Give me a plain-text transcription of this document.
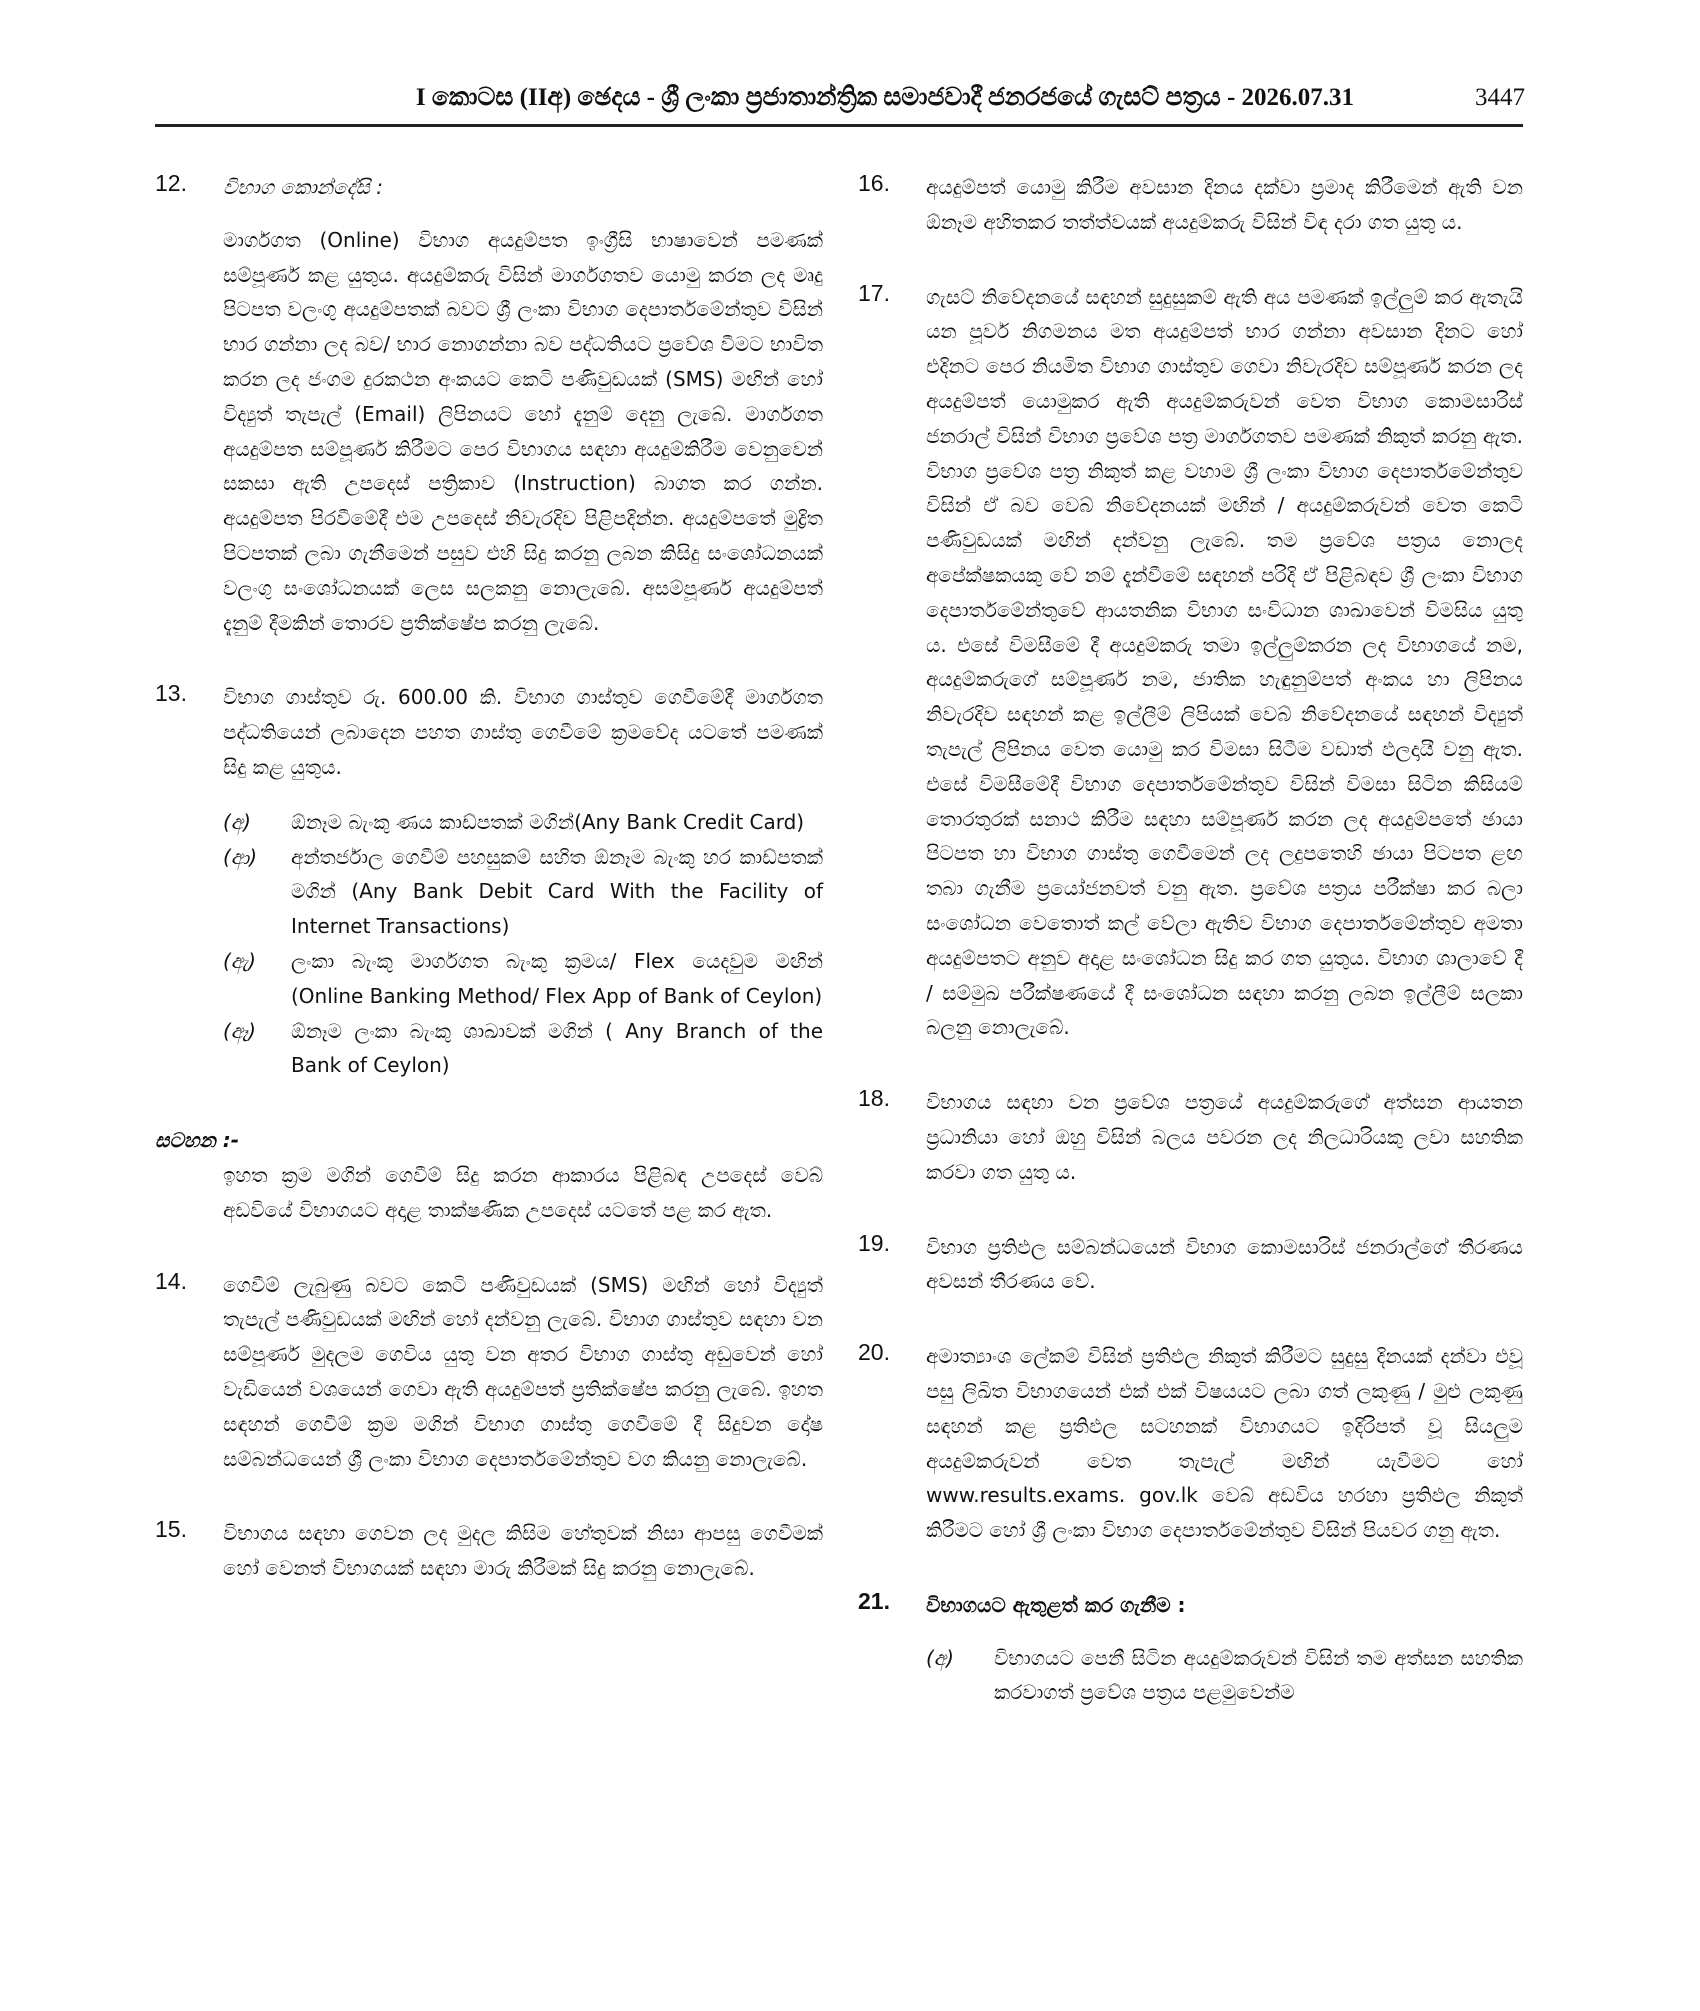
I කොටස (IIඅ) ඡෙදය - ශ්‍රී ලංකා ප්‍රජාතාන්ත්‍රික සමාජවාදී ජනරජයේ ගැසට් පත්‍රය - 2026.07.31	3447
12. විභාග කොන්දේසි :

මාර්ගගත (Online) විභාග අයදුම්පත ඉංග්‍රීසි භාෂාවෙන් පමණක් සම්පූර්ණ කළ යුතුය. අයදුම්කරු විසින් මාර්ගගතව යොමු කරන ලද මෘදු පිටපත වලංගු අයදුම්පතක් බවට ශ්‍රී ලංකා විභාග දෙපාර්තමේන්තුව විසින් භාර ගන්නා ලද බව/ භාර නොගන්නා බව පද්ධතියට ප්‍රවේශ වීමට භාවිත කරන ලද ජංගම දුරකථන අංකයට කෙටි පණිවුඩයක් (SMS) මඟින් හෝ විද්‍යුත් තැපැල් (Email) ලිපිනයට හෝ දැනුම් දෙනු ලැබේ. මාර්ගගත අයදුම්පත සම්පූර්ණ කිරීමට පෙර විභාගය සඳහා අයදුම්කිරීම වෙනුවෙන් සකසා ඇති උපදෙස් පත්‍රිකාව (Instruction) බාගත කර ගන්න. අයදුම්පත පිරවීමේදී එම උපදෙස් නිවැරදිව පිළිපදින්න. අයදුම්පතේ මුද්‍රිත පිටපතක් ලබා ගැනීමෙන් පසුව එහි සිදු කරනු ලබන කිසිදු සංශෝධනයක් වලංගු සංශෝධනයක් ලෙස සලකනු නොලැබේ. අසම්පූර්ණ අයදුම්පත් දැනුම් දීමකින් තොරව ප්‍රතික්ෂේප කරනු ලැබේ.

13. විභාග ගාස්තුව රු. 600.00 කි. විභාග ගාස්තුව ගෙවීමේදී මාර්ගගත පද්ධතියෙන් ලබාදෙන පහත ගාස්තු ගෙවීමේ ක්‍රමවේද යටතේ පමණක් සිදු කළ යුතුය.

(අ) ඕනෑම බැංකු ණය කාඩ්පතක් මගින්(Any Bank Credit Card)

(ආ) අන්තර්ජාල ගෙවීම් පහසුකම් සහිත ඕනෑම බැංකු හර කාඩ්පතක් මගින් (Any Bank Debit Card With the Facility of Internet Transactions)

(ඇ) ලංකා බැංකු මාර්ගගත බැංකු ක්‍රමය/ Flex යෙදවුම මඟින් (Online Banking Method/ Flex App of Bank of Ceylon)

(ඈ) ඕනෑම ලංකා බැංකු ශාඛාවක් මගින් ( Any Branch of the Bank of Ceylon)

සටහන :-

ඉහත ක්‍රම මගින් ගෙවීම් සිදු කරන ආකාරය පිළිබඳ උපදෙස් වෙබ් අඩවියේ විභාගයට අදාළ තාක්ෂණික උපදෙස් යටතේ පළ කර ඇත.

14. ගෙවීම් ලැබුණු බවට කෙටි පණිවුඩයක් (SMS) මඟින් හෝ විද්‍යුත් තැපැල් පණිවුඩයක් මඟින් හෝ දන්වනු ලැබේ. විභාග ගාස්තුව සඳහා වන සම්පූර්ණ මුදලම ගෙවිය යුතු වන අතර විභාග ගාස්තු අඩුවෙන් හෝ වැඩියෙන් වශයෙන් ගෙවා ඇති අයදුම්පත් ප්‍රතික්ෂේප කරනු ලැබේ. ඉහත සඳහන් ගෙවීම් ක්‍රම මගින් විභාග ගාස්තු ගෙවීමේ දී සිදුවන දෝෂ සම්බන්ධයෙන් ශ්‍රී ලංකා විභාග දෙපාර්තමේන්තුව වග කියනු නොලැබේ.

15. විභාගය සඳහා ගෙවන ලද මුදල කිසිම හේතුවක් නිසා ආපසු ගෙවීමක් හෝ වෙනත් විභාගයක් සඳහා මාරු කිරීමක් සිදු කරනු නොලැබේ.

16. අයදුම්පත් යොමු කිරීම අවසාන දිනය දක්වා ප්‍රමාද කිරීමෙන් ඇති වන ඕනෑම අහිතකර තත්ත්වයක් අයදුම්කරු විසින් විඳ දරා ගත යුතු ය.

17. ගැසට් නිවේදනයේ සඳහන් සුදුසුකම් ඇති අය පමණක් ඉල්ලුම් කර ඇතැයි යන පූර්ව නිගමනය මත අයදුම්පත් භාර ගන්නා අවසාන දිනට හෝ එදිනට පෙර නියමිත විභාග ගාස්තුව ගෙවා නිවැරදිව සම්පූර්ණ කරන ලද අයදුම්පත් යොමුකර ඇති අයදුම්කරුවන් වෙත විභාග කොමසාරිස් ජනරාල් විසින් විභාග ප්‍රවේශ පත්‍ර මාර්ගගතව පමණක් නිකුත් කරනු ඇත. විභාග ප්‍රවේශ පත්‍ර නිකුත් කළ වහාම ශ්‍රී ලංකා විභාග දෙපාර්තමේන්තුව විසින් ඒ බව වෙබ් නිවේදනයක් මඟින් / අයදුම්කරුවන් වෙත කෙටි පණිවුඩයක් මඟින් දන්වනු ලැබේ. තම ප්‍රවේශ පත්‍රය නොලද අපේක්ෂකයකු වේ නම් දැන්වීමේ සඳහන් පරිදි ඒ පිළිබඳව ශ්‍රී ලංකා විභාග දෙපාර්තමේන්තුවේ ආයතනික විභාග සංවිධාන ශාඛාවෙන් විමසිය යුතු ය. එසේ විමසීමේ දී අයදුම්කරු තමා ඉල්ලුම්කරන ලද විභාගයේ නම, අයදුම්කරුගේ සම්පූර්ණ නම, ජාතික හැඳුනුම්පත් අංකය හා ලිපිනය නිවැරදිව සඳහන් කළ ඉල්ලීම් ලිපියක් වෙබ් නිවේදනයේ සඳහන් විද්‍යුත් තැපැල් ලිපිනය වෙත යොමු කර විමසා සිටීම වඩාත් ඵලදායී වනු ඇත. එසේ විමසීමේදී විභාග දෙපාර්තමේන්තුව විසින් විමසා සිටින කිසියම් තොරතුරක් සනාථ කිරීම සඳහා සම්පූර්ණ කරන ලද අයදුම්පතේ ඡායා පිටපත හා විභාග ගාස්තු ගෙවීමෙන් ලද ලදුපතෙහි ඡායා පිටපත ළඟ තබා ගැනීම ප්‍රයෝජනවත් වනු ඇත. ප්‍රවේශ පත්‍රය පරීක්ෂා කර බලා සංශෝධන වෙතොත් කල් වේලා ඇතිව විභාග දෙපාර්තමේන්තුව අමතා අයදුම්පතට අනුව අදාළ සංශෝධන සිදු කර ගත යුතුය. විභාග ශාලාවේ දී / සම්මුඛ පරීක්ෂණයේ දී සංශෝධන සඳහා කරනු ලබන ඉල්ලීම් සලකා බලනු නොලැබේ.

18. විභාගය සඳහා වන ප්‍රවේශ පත්‍රයේ අයදුම්කරුගේ අත්සන ආයතන ප්‍රධානියා හෝ ඔහු විසින් බලය පවරන ලද නිලධාරියකු ලවා සහතික කරවා ගත යුතු ය.

19. විභාග ප්‍රතිඵල සම්බන්ධයෙන් විභාග කොමසාරිස් ජනරාල්ගේ තීරණය අවසන් තීරණය වේ.

20. අමාත්‍යාංශ ලේකම් විසින් ප්‍රතිඵල නිකුත් කිරීමට සුදුසු දිනයක් දන්වා එවූ පසු ලිඛිත විභාගයෙන් එක් එක් විෂයයට ලබා ගත් ලකුණු / මුළු ලකුණු සඳහන් කළ ප්‍රතිඵල සටහනක් විභාගයට ඉදිරිපත් වූ සියලුම අයදුම්කරුවන් වෙත තැපැල් මඟින් යැවීමට හෝ www.results.exams. gov.lk වෙබ් අඩවිය හරහා ප්‍රතිඵල නිකුත් කිරීමට හෝ ශ්‍රී ලංකා විභාග දෙපාර්තමේන්තුව විසින් පියවර ගනු ඇත.

21. විභාගයට ඇතුළත් කර ගැනීම :

(අ) විභාගයට පෙනී සිටින අයදුම්කරුවන් විසින් තම අත්සන සහතික කරවාගත් ප්‍රවේශ පත්‍රය පළමුවෙන්ම
